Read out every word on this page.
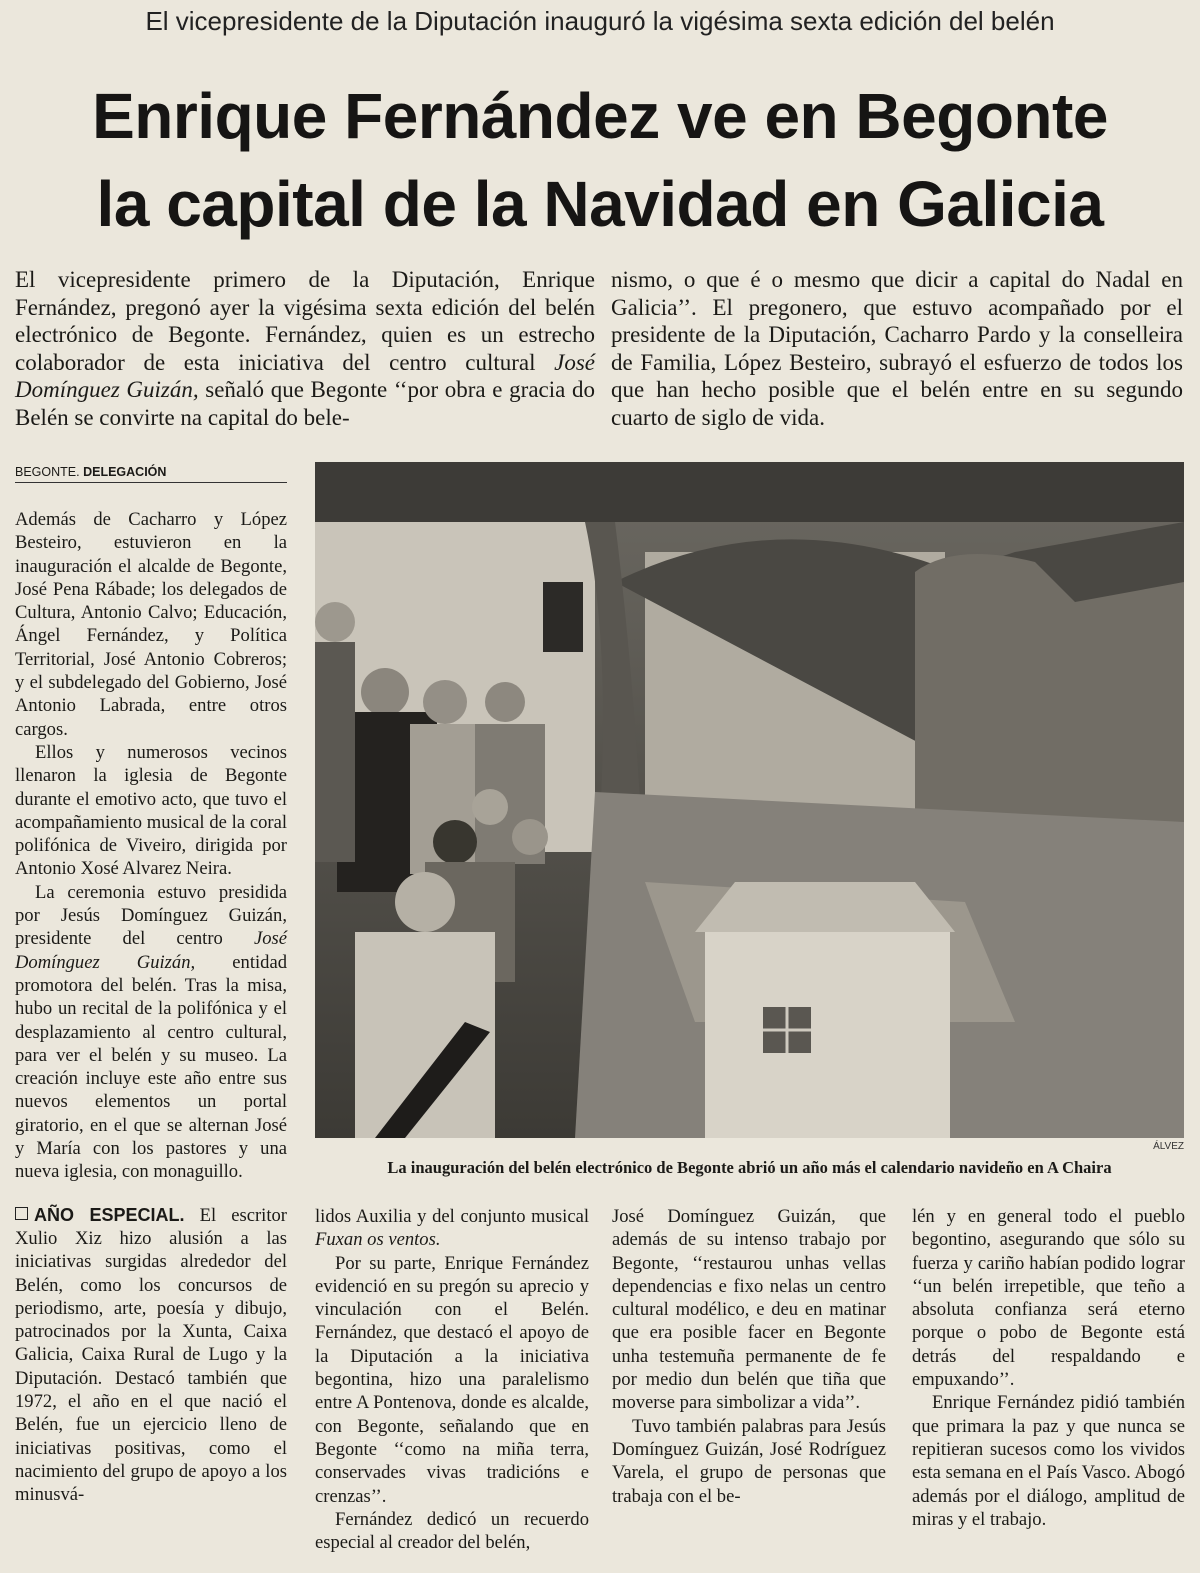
El vicepresidente de la Diputación inauguró la vigésima sexta edición del belén
Enrique Fernández ve en Begonte
la capital de la Navidad en Galicia

El vicepresidente primero de la Diputación, Enrique Fernández, pregonó ayer la vigésima sexta edición del belén electrónico de Begonte. Fernández, quien es un estrecho colaborador de esta iniciativa del centro cultural José Domínguez Guizán, señaló que Begonte ‘‘por obra e gracia do Belén se convirte na capital do bele-

nismo, o que é o mesmo que dicir a capital do Nadal en Galicia’’. El pregonero, que estuvo acompañado por el presidente de la Diputación, Cacharro Pardo y la conselleira de Familia, López Besteiro, subrayó el esfuerzo de todos los que han hecho posible que el belén entre en su segundo cuarto de siglo de vida.

BEGONTE. DELEGACIÓN

Además de Cacharro y López Besteiro, estuvieron en la inauguración el alcalde de Begonte, José Pena Rábade; los delegados de Cultura, Antonio Calvo; Educación, Ángel Fernández, y Política Territorial, José Antonio Cobreros; y el subdelegado del Gobierno, José Antonio Labrada, entre otros cargos.

Ellos y numerosos vecinos llenaron la iglesia de Begonte durante el emotivo acto, que tuvo el acompañamiento musical de la coral polifónica de Viveiro, dirigida por Antonio Xosé Alvarez Neira.

La ceremonia estuvo presidida por Jesús Domínguez Guizán, presidente del centro José Domínguez Guizán, entidad promotora del belén. Tras la misa, hubo un recital de la polifónica y el desplazamiento al centro cultural, para ver el belén y su museo. La creación incluye este año entre sus nuevos elementos un portal giratorio, en el que se alternan José y María con los pastores y una nueva iglesia, con monaguillo.

AÑO ESPECIAL. El escritor Xulio Xiz hizo alusión a las iniciativas surgidas alrededor del Belén, como los concursos de periodismo, arte, poesía y dibujo, patrocinados por la Xunta, Caixa Galicia, Caixa Rural de Lugo y la Diputación. Destacó también que 1972, el año en el que nació el Belén, fue un ejercicio lleno de iniciativas positivas, como el nacimiento del grupo de apoyo a los minusvá-

ÁLVEZ
La inauguración del belén electrónico de Begonte abrió un año más el calendario navideño en A Chaira

lidos Auxilia y del conjunto musical Fuxan os ventos.

Por su parte, Enrique Fernández evidenció en su pregón su aprecio y vinculación con el Belén. Fernández, que destacó el apoyo de la Diputación a la iniciativa begontina, hizo una paralelismo entre A Pontenova, donde es alcalde, con Begonte, señalando que en Begonte ‘‘como na miña terra, conservades vivas tradicións e crenzas’’.

Fernández dedicó un recuerdo especial al creador del belén,

José Domínguez Guizán, que además de su intenso trabajo por Begonte, ‘‘restaurou unhas vellas dependencias e fixo nelas un centro cultural modélico, e deu en matinar que era posible facer en Begonte unha testemuña permanente de fe por medio dun belén que tiña que moverse para simbolizar a vida’’.

Tuvo también palabras para Jesús Domínguez Guizán, José Rodríguez Varela, el grupo de personas que trabaja con el be-

lén y en general todo el pueblo begontino, asegurando que sólo su fuerza y cariño habían podido lograr ‘‘un belén irrepetible, que teño a absoluta confianza será eterno porque o pobo de Begonte está detrás del respaldando e empuxando’’.

Enrique Fernández pidió también que primara la paz y que nunca se repitieran sucesos como los vividos esta semana en el País Vasco. Abogó además por el diálogo, amplitud de miras y el trabajo.
